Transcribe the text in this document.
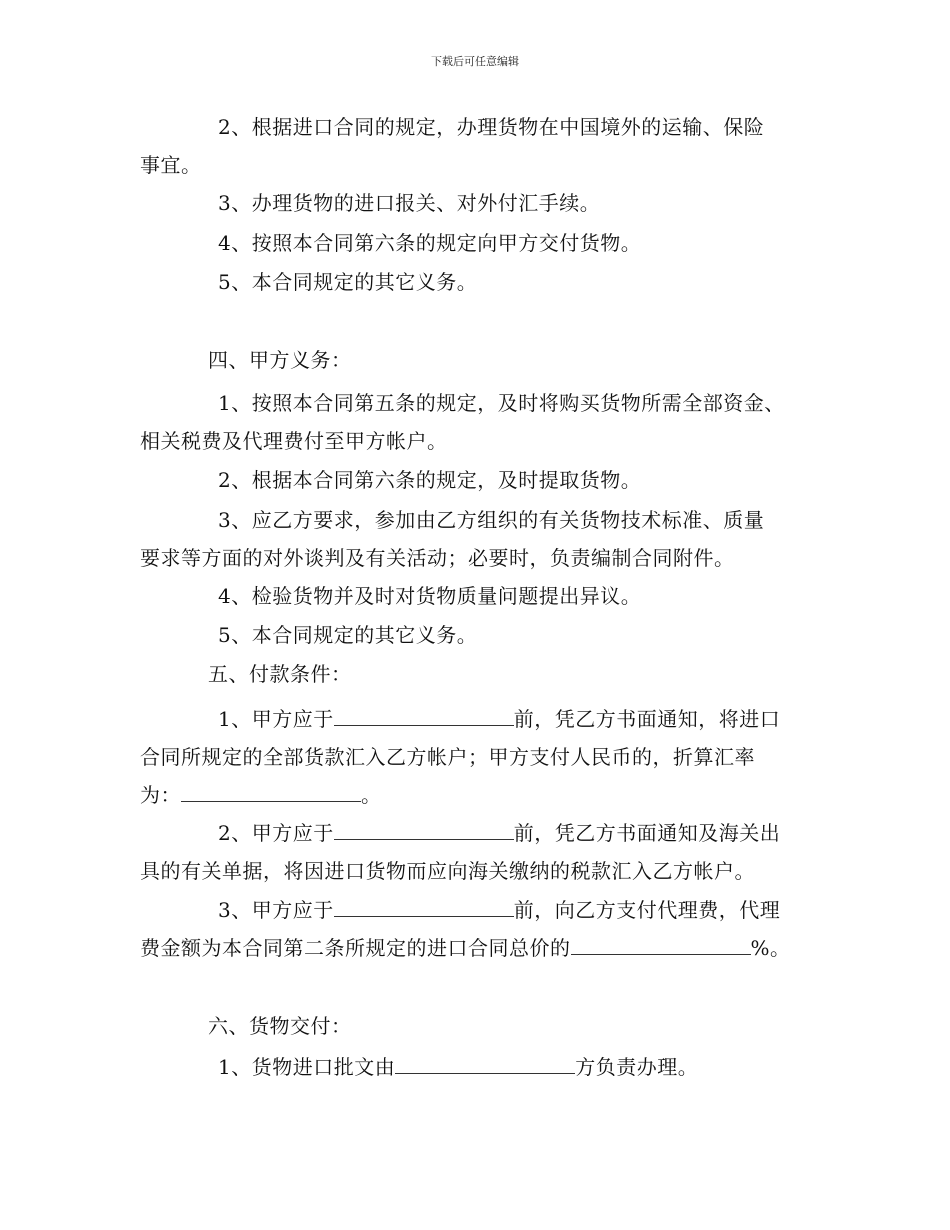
下载后可任意编辑
2、根据进口合同的规定，办理货物在中国境外的运输、保险
事宜。
3、办理货物的进口报关、对外付汇手续。
4、按照本合同第六条的规定向甲方交付货物。
5、本合同规定的其它义务。
四、甲方义务：
1、按照本合同第五条的规定，及时将购买货物所需全部资金、
相关税费及代理费付至甲方帐户。
2、根据本合同第六条的规定，及时提取货物。
3、应乙方要求，参加由乙方组织的有关货物技术标准、质量
要求等方面的对外谈判及有关活动；必要时，负责编制合同附件。
4、检验货物并及时对货物质量问题提出异议。
5、本合同规定的其它义务。
五、付款条件：
1、甲方应于	前，凭乙方书面通知，将进口
合同所规定的全部货款汇入乙方帐户；甲方支付人民币的，折算汇率
为：	。
2、甲方应于	前，凭乙方书面通知及海关出
具的有关单据，将因进口货物而应向海关缴纳的税款汇入乙方帐户。
3、甲方应于	前，向乙方支付代理费，代理
费金额为本合同第二条所规定的进口合同总价的	%。
六、货物交付：
1、货物进口批文由	方负责办理。
